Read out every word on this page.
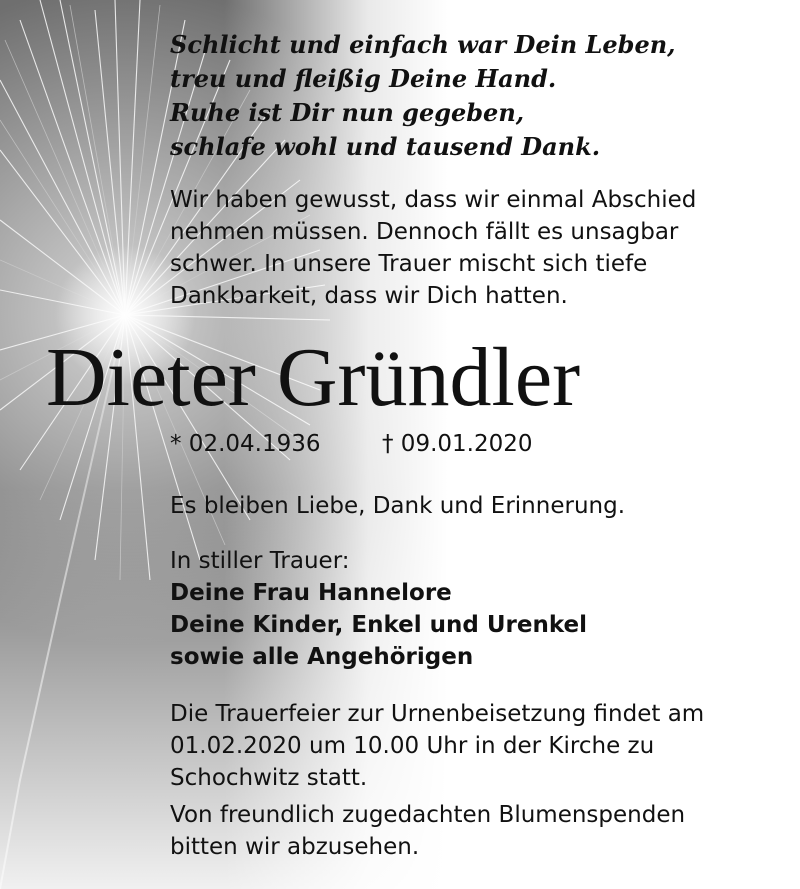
Schlicht und einfach war Dein Leben,
treu und fleißig Deine Hand.
Ruhe ist Dir nun gegeben,
schlafe wohl und tausend Dank.
Wir haben gewusst, dass wir einmal Abschied
nehmen müssen. Dennoch fällt es unsagbar
schwer. In unsere Trauer mischt sich tiefe
Dankbarkeit, dass wir Dich hatten.
Dieter Gründler
* 02.04.1936	† 09.01.2020
Es bleiben Liebe, Dank und Erinnerung.
In stiller Trauer:
Deine Frau Hannelore
Deine Kinder, Enkel und Urenkel
sowie alle Angehörigen
Die Trauerfeier zur Urnenbeisetzung findet am
01.02.2020 um 10.00 Uhr in der Kirche zu
Schochwitz statt.
Von freundlich zugedachten Blumenspenden
bitten wir abzusehen.
